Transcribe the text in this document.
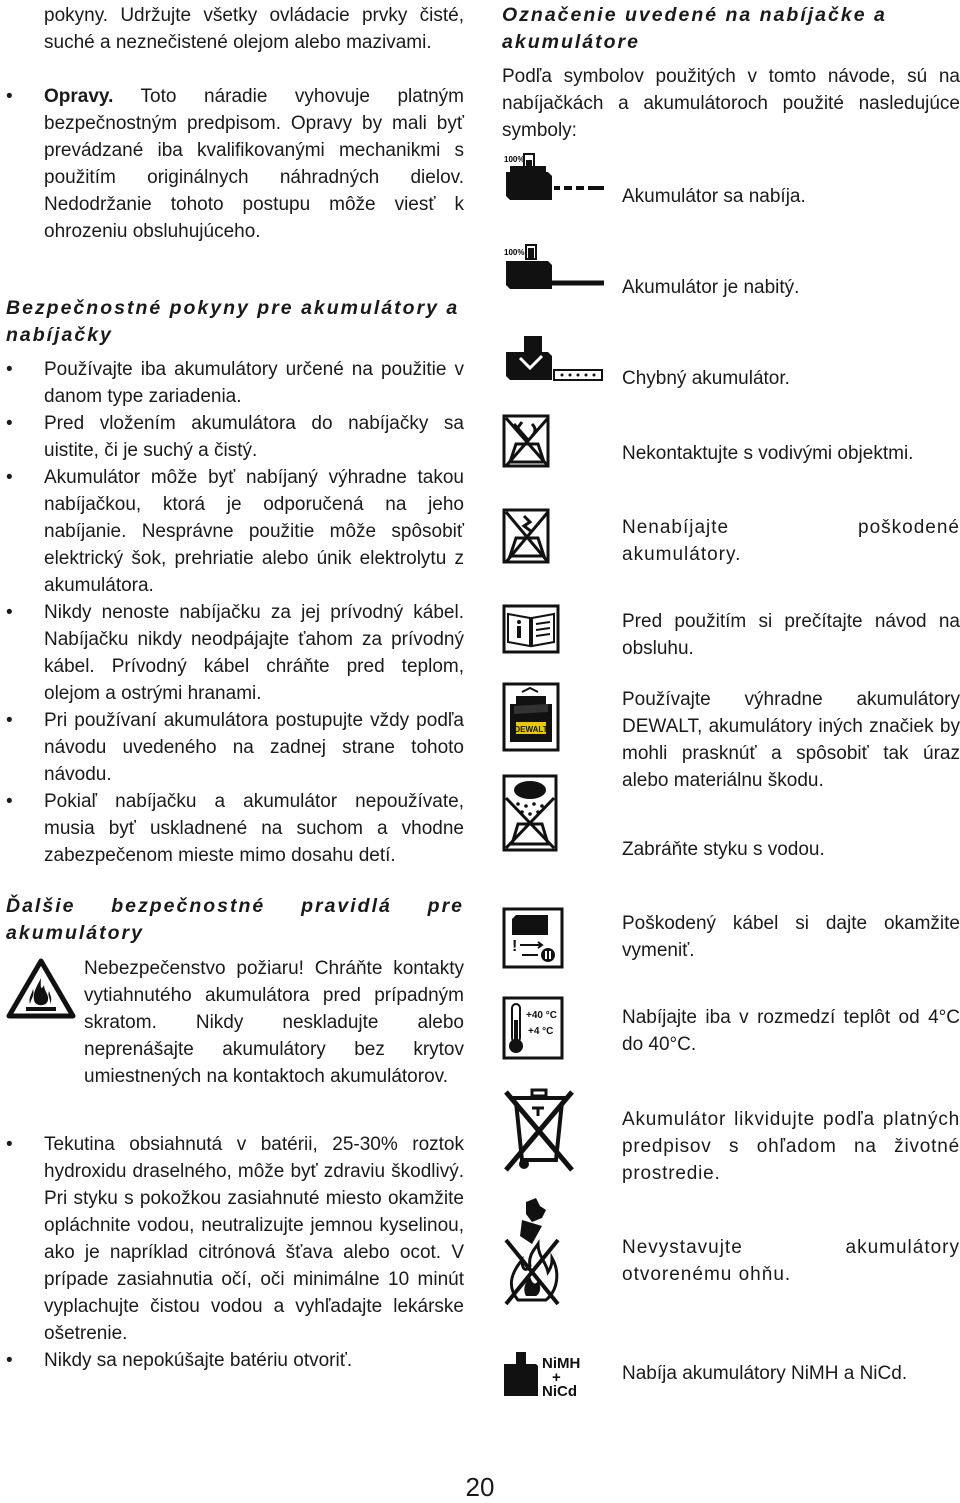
pokyny. Udržujte všetky ovládacie prvky čisté, suché a neznečistené olejom alebo mazivami.
• Opravy. Toto náradie vyhovuje platným bezpečnostným predpisom. Opravy by mali byť prevádzané iba kvalifikovanými mechanikmi s použitím originálnych náhradných dielov. Nedodržanie tohoto postupu môže viesť k ohrozeniu obsluhujúceho.
Bezpečnostné pokyny pre akumulátory a nabíjačky
• Používajte iba akumulátory určené na použitie v danom type zariadenia.
• Pred vložením akumulátora do nabíjačky sa uistite, či je suchý a čistý.
• Akumulátor môže byť nabíjaný výhradne takou nabíjačkou, ktorá je odporučená na jeho nabíjanie. Nesprávne použitie môže spôsobiť elektrický šok, prehriatie alebo únik elektrolytu z akumulátora.
• Nikdy nenoste nabíjačku za jej prívodný kábel. Nabíjačku nikdy neodpájajte ťahom za prívodný kábel. Prívodný kábel chráňte pred teplom, olejom a ostrými hranami.
• Pri používaní akumulátora postupujte vždy podľa návodu uvedeného na zadnej strane tohoto návodu.
• Pokiaľ nabíjačku a akumulátor nepoužívate, musia byť uskladnené na suchom a vhodne zabezpečenom mieste mimo dosahu detí.
Ďalšie bezpečnostné pravidlá pre akumulátory
Nebezpečenstvo požiaru! Chráňte kontakty vytiahnutého akumulátora pred prípadným skratom. Nikdy neskladujte alebo neprenášajte akumulátory bez krytov umiestnených na kontaktoch akumulátorov.
• Tekutina obsiahnutá v batérii, 25-30% roztok hydroxidu draselného, môže byť zdraviu škodlivý. Pri styku s pokožkou zasiahnuté miesto okamžite opláchnite vodou, neutralizujte jemnou kyselinou, ako je napríklad citrónová šťava alebo ocot. V prípade zasiahnutia očí, oči minimálne 10 minút vyplachujte čistou vodou a vyhľadajte lekárske ošetrenie.
• Nikdy sa nepokúšajte batériu otvoriť.
Označenie uvedené na nabíjačke a akumulátore
Podľa symbolov použitých v tomto návode, sú na nabíjačkách a akumulátoroch použité nasledujúce symboly:
100%
Akumulátor sa nabíja.
100%
Akumulátor je nabitý.
Chybný akumulátor.
Nekontaktujte s vodivými objektmi.
Nenabíjajte poškodené akumulátory.
Pred použitím si prečítajte návod na obsluhu.
DEWALT
Používajte výhradne akumulátory DEWALT, akumulátory iných značiek by mohli prasknúť a spôsobiť tak úraz alebo materiálnu škodu.
Zabráňte styku s vodou.
!
Poškodený kábel si dajte okamžite vymeniť.
+40 °C
+4 °C
Nabíjajte iba v rozmedzí teplôt od 4°C do 40°C.
Akumulátor likvidujte podľa platných predpisov s ohľadom na životné prostredie.
Nevystavujte akumulátory otvorenému ohňu.
NiMH
+
NiCd
Nabíja akumulátory NiMH a NiCd.
20
